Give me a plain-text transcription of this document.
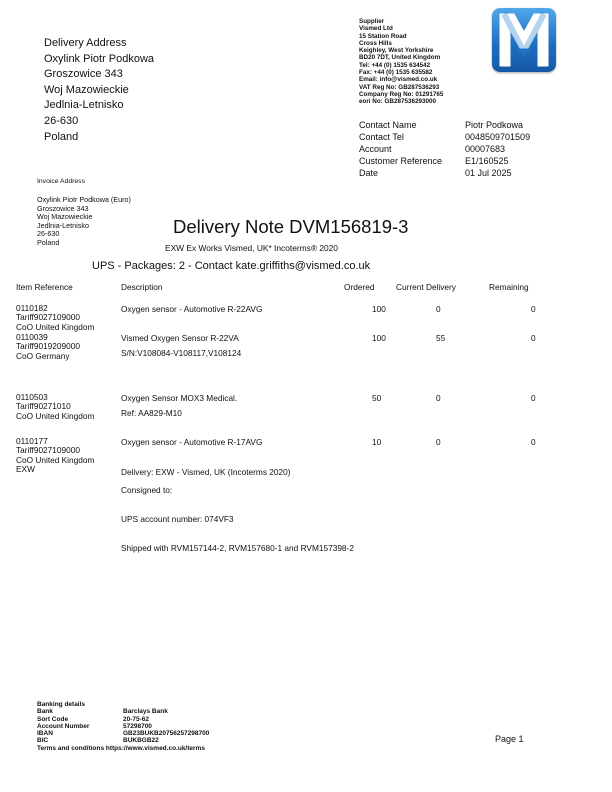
Delivery Address
Oxylink Piotr Podkowa
Groszowice 343
Woj Mazowieckie
Jedlnia-Letnisko
26-630
Poland
Supplier
Vismed Ltd
15 Station Road
Cross Hills
Keighley, West Yorkshire
BD20 7DT, United Kingdom
Tel: +44 (0) 1535 634542
Fax: +44 (0) 1535 635582
Email: info@vismed.co.uk
VAT Reg No: GB287536293
Company Reg No: 01291765
eori No: GB287536293000
Contact Name	Piotr Podkowa
Contact Tel	0048509701509
Account	00007683
Customer Reference	E1/160525
Date	01 Jul 2025
Invoice Address
Oxylink Piotr Podkowa (Euro)
Groszowice 343
Woj Mazowieckie
Jedlnia-Letnisko
26-630
Poland
Delivery Note DVM156819-3
EXW Ex Works Vismed, UK* Incoterms® 2020
UPS - Packages: 2 - Contact kate.griffiths@vismed.co.uk
Item Reference	Description	Ordered	Current Delivery	Remaining
0110182
Tariff9027109000
CoO United Kingdom
Oxygen sensor - Automotive R-22AVG	100	0	0
0110039
Tariff9019209000
CoO Germany
Vismed Oxygen Sensor R-22VA
S/N:V108084-V108117,V108124
100	55	0
0110503
Tariff90271010
CoO United Kingdom
Oxygen Sensor MOX3 Medical.
Ref: AA829-M10
50	0	0
0110177
Tariff9027109000
CoO United Kingdom
EXW
Oxygen sensor - Automotive R-17AVG	10	0	0
Delivery: EXW - Vismed, UK (Incoterms 2020)
Consigned to:
UPS account number: 074VF3
Shipped with RVM157144-2, RVM157680-1 and RVM157398-2
Banking details
Bank	Barclays Bank
Sort Code	20-75-62
Account Number	57298700
IBAN	GB23BUKB20756257298700
BIC	BUKBGB22
Terms and conditions https://www.vismed.co.uk/terms
Page 1
